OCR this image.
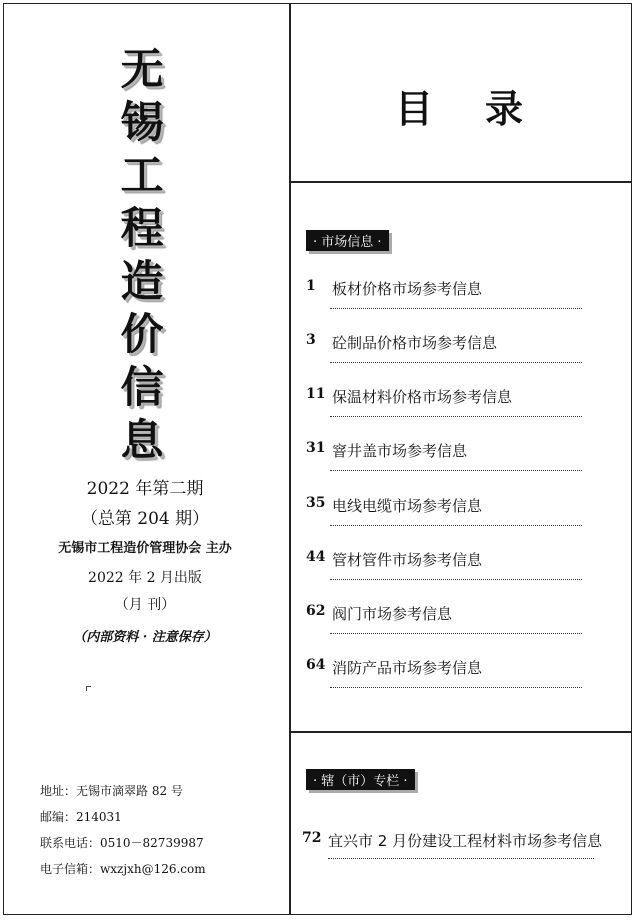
无
锡
工
程
造
价
信
息
2022 年第二期
（总第 204 期）
无锡市工程造价管理协会 主办
2022 年 2 月出版
（月 刊）
（内部资料 · 注意保存）
地址：无锡市滴翠路 82 号
邮编：214031
联系电话：0510－82739987
电子信箱：wxzjxh@126.com
目录
· 市场信息 ·
1 板材价格市场参考信息
3 砼制品价格市场参考信息
11 保温材料价格市场参考信息
31 窨井盖市场参考信息
35 电线电缆市场参考信息
44 管材管件市场参考信息
62 阀门市场参考信息
64 消防产品市场参考信息
· 辖（市）专栏 ·
72 宜兴市 2 月份建设工程材料市场参考信息
